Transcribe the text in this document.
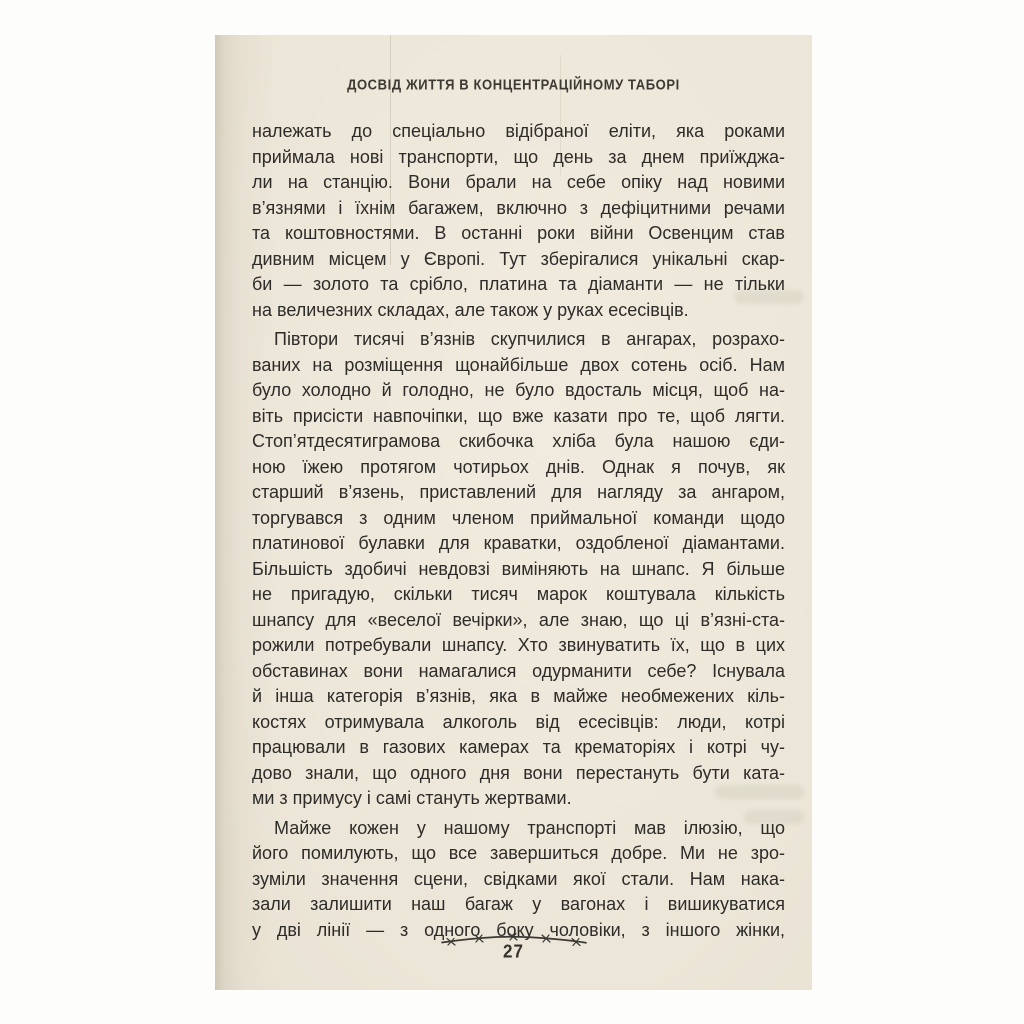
ДОСВІД ЖИТТЯ В КОНЦЕНТРАЦІЙНОМУ ТАБОРІ
належать до спеціально відібраної еліти, яка роками
приймала нові транспорти, що день за днем приїжджа-
ли на станцію. Вони брали на себе опіку над новими
в’язнями і їхнім багажем, включно з дефіцитними речами
та коштовностями. В останні роки війни Освенцим став
дивним місцем у Європі. Тут зберігалися унікальні скар-
би — золото та срібло, платина та діаманти — не тільки
на величезних складах, але також у руках есесівців.
Півтори тисячі в’язнів скупчилися в ангарах, розрахо-
ваних на розміщення щонайбільше двох сотень осіб. Нам
було холодно й голодно, не було вдосталь місця, щоб на-
віть присісти навпочіпки, що вже казати про те, щоб лягти.
Стоп’ятдесятиграмова скибочка хліба була нашою єди-
ною їжею протягом чотирьох днів. Однак я почув, як
старший в’язень, приставлений для нагляду за ангаром,
торгувався з одним членом приймальної команди щодо
платинової булавки для краватки, оздобленої діамантами.
Більшість здобичі невдовзі виміняють на шнапс. Я більше
не пригадую, скільки тисяч марок коштувала кількість
шнапсу для «веселої вечірки», але знаю, що ці в’язні-ста-
рожили потребували шнапсу. Хто звинуватить їх, що в цих
обставинах вони намагалися одурманити себе? Існувала
й інша категорія в’язнів, яка в майже необмежених кіль-
костях отримувала алкоголь від есесівців: люди, котрі
працювали в газових камерах та крематоріях і котрі чу-
дово знали, що одного дня вони перестануть бути ката-
ми з примусу і самі стануть жертвами.
Майже кожен у нашому транспорті мав ілюзію, що
його помилують, що все завершиться добре. Ми не зро-
зуміли значення сцени, свідками якої стали. Нам нака-
зали залишити наш багаж у вагонах і вишикуватися
у дві лінії — з одного боку чоловіки, з іншого жінки,
27
